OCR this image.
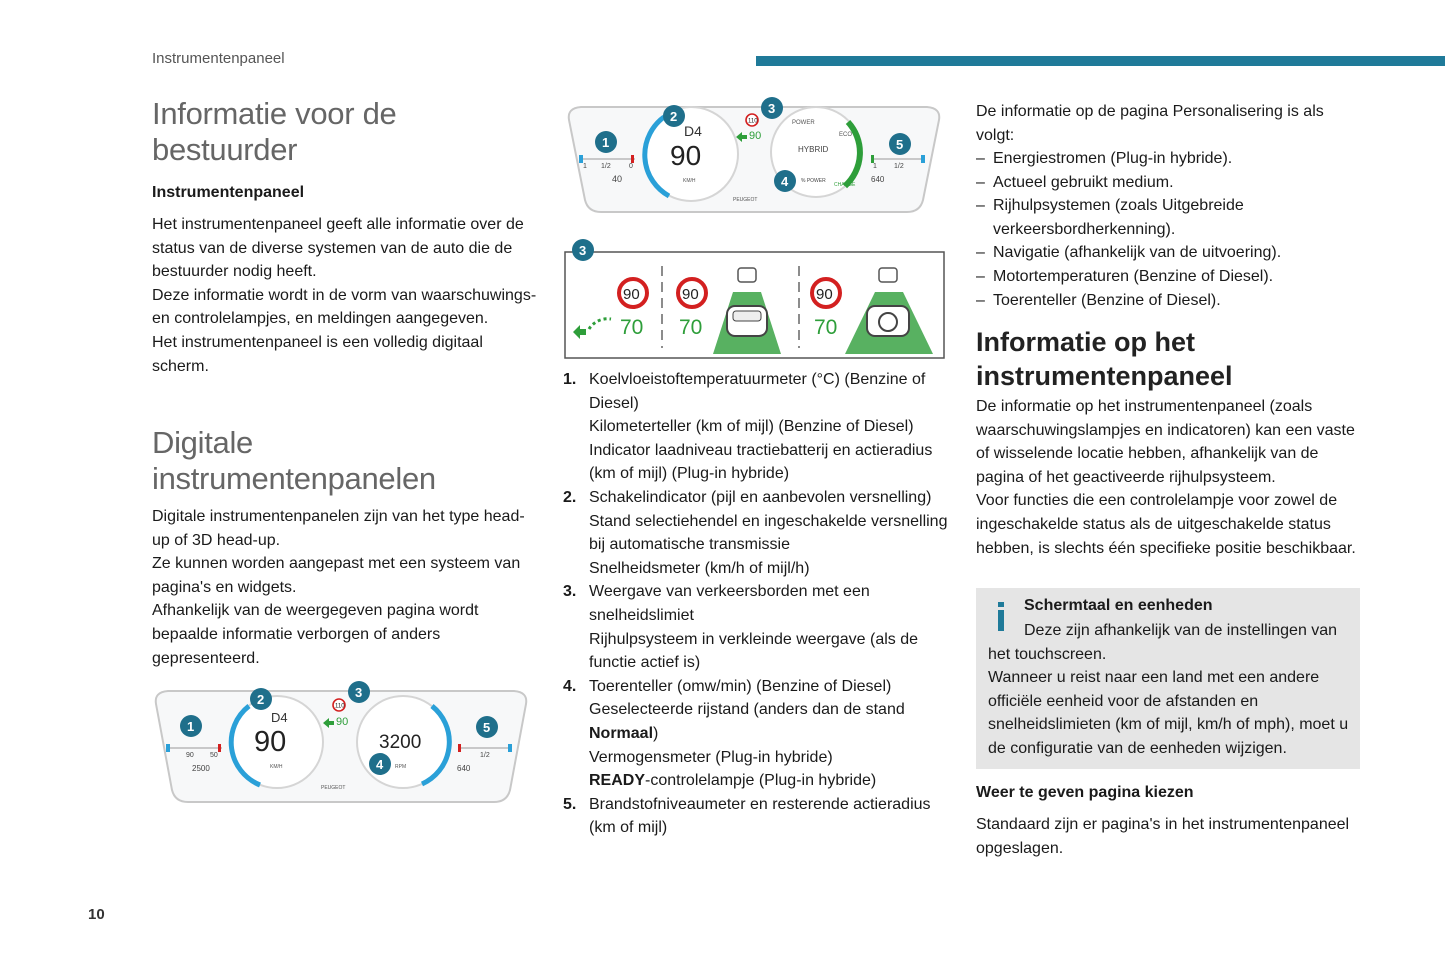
Instrumentenpaneel
10
Informatie voor de bestuurder
Instrumentenpaneel

Het instrumentenpaneel geeft alle informatie over de status van de diverse systemen van de auto die de bestuurder nodig heeft.

Deze informatie wordt in de vorm van waarschuwings- en controlelampjes, en meldingen aangegeven.

Het instrumentenpaneel is een volledig digitaal scherm.

Digitale instrumentenpanelen

Digitale instrumentenpanelen zijn van het type head-up of 3D head-up.

Ze kunnen worden aangepast met een systeem van pagina's en widgets.

Afhankelijk van de weergegeven pagina wordt bepaalde informatie verborgen of anders gepresenteerd.

D4
90
KM/H
3200
RPM
110
90
90 50
2500
1/2
640
PEUGEOT
1
2	3
4
5
D4
90
KM/H
POWER
HYBRID
ECO
CHARGE
% POWER
110
90
1 1/2	0
40
1 1/2
640
PEUGEOT
1
2
3
4
5
3
90
70
90
70
90
70
1. Koelvloeistoftemperatuurmeter (°C) (Benzine of Diesel)
Kilometerteller (km of mijl) (Benzine of Diesel)
Indicator laadniveau tractiebatterij en actieradius (km of mijl) (Plug-in hybride)
2. Schakelindicator (pijl en aanbevolen versnelling)
Stand selectiehendel en ingeschakelde versnelling bij automatische transmissie
Snelheidsmeter (km/h of mijl/h)
3. Weergave van verkeersborden met een snelheidslimiet
Rijhulpsysteem in verkleinde weergave (als de functie actief is)
4. Toerenteller (omw/min) (Benzine of Diesel)
Geselecteerde rijstand (anders dan de stand Normaal)
Vermogensmeter (Plug-in hybride)
READY-controlelampje (Plug-in hybride)
5. Brandstofniveaumeter en resterende actieradius (km of mijl)

De informatie op de pagina Personalisering is als volgt:

– Energiestromen (Plug-in hybride).
– Actueel gebruikt medium.
– Rijhulpsystemen (zoals Uitgebreide verkeersbordherkenning).
– Navigatie (afhankelijk van de uitvoering).
– Motortemperaturen (Benzine of Diesel).
– Toerenteller (Benzine of Diesel).
Informatie op het instrumentenpaneel

De informatie op het instrumentenpaneel (zoals waarschuwingslampjes en indicatoren) kan een vaste of wisselende locatie hebben, afhankelijk van de pagina of het geactiveerde rijhulpsysteem.

Voor functies die een controlelampje voor zowel de ingeschakelde status als de uitgeschakelde status hebben, is slechts één specifieke positie beschikbaar.

Schermtaal en eenheden
Deze zijn afhankelijk van de instellingen van het touchscreen.
Wanneer u reist naar een land met een andere officiële eenheid voor de afstanden en snelheidslimieten (km of mijl, km/h of mph), moet u de configuratie van de eenheden wijzigen.
Weer te geven pagina kiezen

Standaard zijn er pagina's in het instrumentenpaneel opgeslagen.
